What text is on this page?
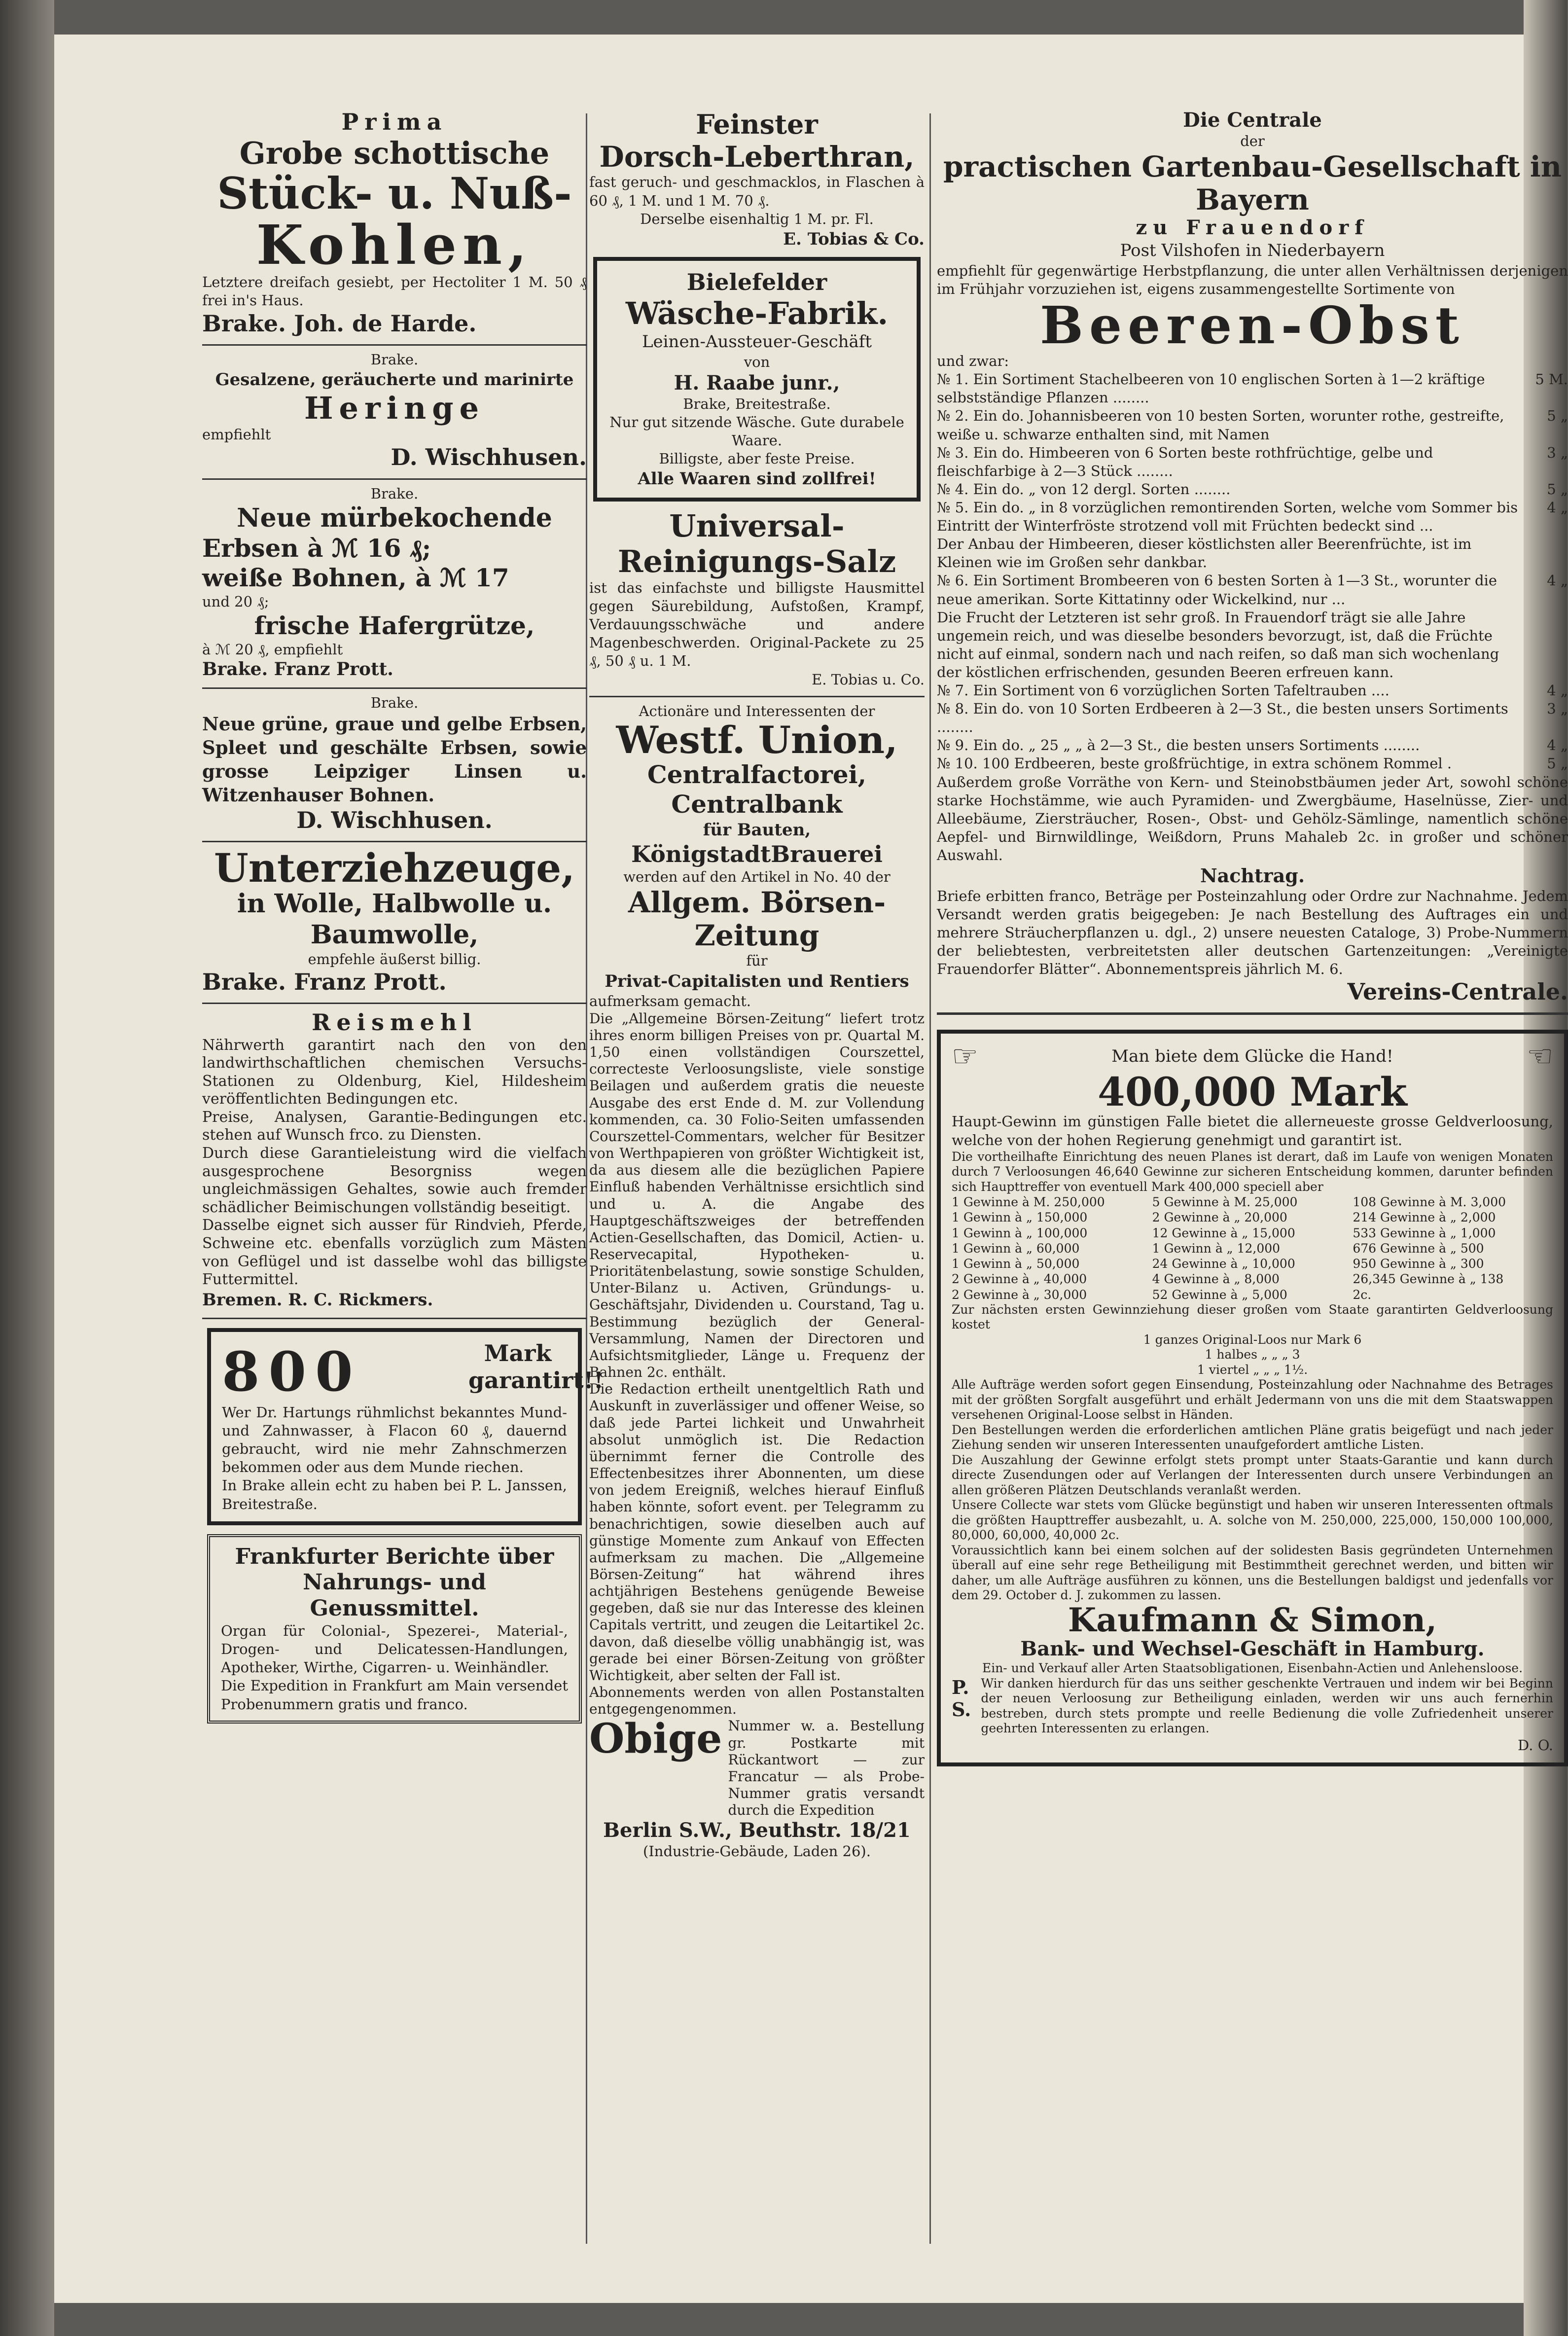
Prima

Grobe schottische

Stück- u. Nuß-

Kohlen,

Letztere dreifach gesiebt, per Hectoliter 1 M. 50 ₰ frei in's Haus.

Brake. Joh. de Harde.

Brake.

Gesalzene, geräucherte und marinirte

Heringe

empfiehlt

D. Wischhusen.

Brake.

Neue mürbekochende

Erbsen à ℳ 16 ₰;

weiße Bohnen, à ℳ 17

und 20 ₰;

frische Hafergrütze,

à ℳ 20 ₰, empfiehlt

Brake. Franz Prott.

Brake.

Neue grüne, graue und gelbe Erbsen, Spleet und geschälte Erbsen, sowie grosse Leipziger Linsen u. Witzenhauser Bohnen.

D. Wischhusen.

Unterziehzeuge,

in Wolle, Halbwolle u. Baumwolle,

empfehle äußerst billig.

Brake. Franz Prott.

Reismehl

Nährwerth garantirt nach den von den landwirthschaftlichen chemischen Versuchs-Stationen zu Oldenburg, Kiel, Hildesheim veröffentlichten Bedingungen etc.

Preise, Analysen, Garantie-Bedingungen etc. stehen auf Wunsch frco. zu Diensten.

Durch diese Garantieleistung wird die vielfach ausgesprochene Besorgniss wegen ungleichmässigen Gehaltes, sowie auch fremder schädlicher Beimischungen vollständig beseitigt.

Dasselbe eignet sich ausser für Rindvieh, Pferde, Schweine etc. ebenfalls vorzüglich zum Mästen von Geflügel und ist dasselbe wohl das billigste Futtermittel.

Bremen. R. C. Rickmers.

800	Mark garantirt!!

Wer Dr. Hartungs rühmlichst bekanntes Mund- und Zahnwasser, à Flacon 60 ₰, dauernd gebraucht, wird nie mehr Zahnschmerzen bekommen oder aus dem Munde riechen.

In Brake allein echt zu haben bei P. L. Janssen, Breitestraße.

Frankfurter Berichte über Nahrungs- und Genussmittel.

Organ für Colonial-, Spezerei-, Material-, Drogen- und Delicatessen-Handlungen, Apotheker, Wirthe, Cigarren- u. Weinhändler.

Die Expedition in Frankfurt am Main versendet Probenummern gratis und franco.

Feinster

Dorsch-Leberthran,

fast geruch- und geschmacklos, in Flaschen à 60 ₰, 1 M. und 1 M. 70 ₰.

Derselbe eisenhaltig 1 M. pr. Fl.

E. Tobias & Co.

Bielefelder

Wäsche-Fabrik.

Leinen-Aussteuer-Geschäft

von

H. Raabe junr.,

Brake, Breitestraße.

Nur gut sitzende Wäsche. Gute durabele Waare.

Billigste, aber feste Preise.

Alle Waaren sind zollfrei!

Universal-

Reinigungs-Salz

ist das einfachste und billigste Hausmittel gegen Säurebildung, Aufstoßen, Krampf, Verdauungsschwäche und andere Magenbeschwerden. Original-Packete zu 25 ₰, 50 ₰ u. 1 M.

E. Tobias u. Co.

Actionäre und Interessenten der

Westf. Union,

Centralfactorei,

Centralbank

für Bauten,

KönigstadtBrauerei

werden auf den Artikel in No. 40 der

Allgem. Börsen-Zeitung

für

Privat-Capitalisten und Rentiers

aufmerksam gemacht.

Die „Allgemeine Börsen-Zeitung“ liefert trotz ihres enorm billigen Preises von pr. Quartal M. 1,50 einen vollständigen Courszettel, correcteste Verloosungsliste, viele sonstige Beilagen und außerdem gratis die neueste Ausgabe des erst Ende d. M. zur Vollendung kommenden, ca. 30 Folio-Seiten umfassenden Courszettel-Commentars, welcher für Besitzer von Werthpapieren von größter Wichtigkeit ist, da aus diesem alle die bezüglichen Papiere Einfluß habenden Verhältnisse ersichtlich sind und u. A. die Angabe des Hauptgeschäftszweiges der betreffenden Actien-Gesellschaften, das Domicil, Actien- u. Reservecapital, Hypotheken- u. Prioritätenbelastung, sowie sonstige Schulden, Unter-Bilanz u. Activen, Gründungs- u. Geschäftsjahr, Dividenden u. Courstand, Tag u. Bestimmung bezüglich der General-Versammlung, Namen der Directoren und Aufsichtsmitglieder, Länge u. Frequenz der Bahnen 2c. enthält.

Die Redaction ertheilt unentgeltlich Rath und Auskunft in zuverlässiger und offener Weise, so daß jede Partei lichkeit und Unwahrheit absolut unmöglich ist. Die Redaction übernimmt ferner die Controlle des Effectenbesitzes ihrer Abonnenten, um diese von jedem Ereigniß, welches hierauf Einfluß haben könnte, sofort event. per Telegramm zu benachrichtigen, sowie dieselben auch auf günstige Momente zum Ankauf von Effecten aufmerksam zu machen. Die „Allgemeine Börsen-Zeitung“ hat während ihres achtjährigen Bestehens genügende Beweise gegeben, daß sie nur das Interesse des kleinen Capitals vertritt, und zeugen die Leitartikel 2c. davon, daß dieselbe völlig unabhängig ist, was gerade bei einer Börsen-Zeitung von größter Wichtigkeit, aber selten der Fall ist.

Abonnements werden von allen Postanstalten entgegengenommen.

Obige Nummer w. a. Bestellung gr. Postkarte mit Rückantwort — zur Francatur — als Probe-Nummer gratis versandt durch die Expedition

Berlin S.W., Beuthstr. 18/21

(Industrie-Gebäude, Laden 26).

Die Centrale

der

practischen Gartenbau-Gesellschaft in Bayern

zu Frauendorf

Post Vilshofen in Niederbayern

empfiehlt für gegenwärtige Herbstpflanzung, die unter allen Verhältnissen derjenigen im Frühjahr vorzuziehen ist, eigens zusammengestellte Sortimente von

Beeren-Obst

und zwar:

№ 1. Ein Sortiment Stachelbeeren von 10 englischen Sorten à 1—2 kräftige selbstständige Pflanzen ........
5 M.
№ 2. Ein do. Johannisbeeren von 10 besten Sorten, worunter rothe, gestreifte, weiße u. schwarze enthalten sind, mit Namen
5 „
№ 3. Ein do. Himbeeren von 6 Sorten beste rothfrüchtige, gelbe und fleischfarbige à 2—3 Stück ........
3 „
№ 4. Ein do. „ von 12 dergl. Sorten ........	5 „
№ 5. Ein do. „ in 8 vorzüglichen remontirenden Sorten, welche vom Sommer bis Eintritt der Winterfröste strotzend voll mit Früchten bedeckt sind ...
4 „
Der Anbau der Himbeeren, dieser köstlichsten aller Beerenfrüchte, ist im Kleinen wie im Großen sehr dankbar.
№ 6. Ein Sortiment Brombeeren von 6 besten Sorten à 1—3 St., worunter die neue amerikan. Sorte Kittatinny oder Wickelkind, nur ...
4 „
Die Frucht der Letzteren ist sehr groß. In Frauendorf trägt sie alle Jahre ungemein reich, und was dieselbe besonders bevorzugt, ist, daß die Früchte nicht auf einmal, sondern nach und nach reifen, so daß man sich wochenlang der köstlichen erfrischenden, gesunden Beeren erfreuen kann.
№ 7. Ein Sortiment von 6 vorzüglichen Sorten Tafeltrauben ....	4 „
№ 8. Ein do. von 10 Sorten Erdbeeren à 2—3 St., die besten unsers Sortiments ........
3 „
№ 9. Ein do. „ 25 „ „ à 2—3 St., die besten unsers Sortiments ........	4 „
№ 10. 100 Erdbeeren, beste großfrüchtige, in extra schönem Rommel .	5 „

Außerdem große Vorräthe von Kern- und Steinobstbäumen jeder Art, sowohl schöne starke Hochstämme, wie auch Pyramiden- und Zwergbäume, Haselnüsse, Zier- und Alleebäume, Ziersträucher, Rosen-, Obst- und Gehölz-Sämlinge, namentlich schöne Aepfel- und Birnwildlinge, Weißdorn, Pruns Mahaleb 2c. in großer und schöner Auswahl.

Nachtrag.

Briefe erbitten franco, Beträge per Posteinzahlung oder Ordre zur Nachnahme. Jedem Versandt werden gratis beigegeben: Je nach Bestellung des Auftrages ein und mehrere Sträucherpflanzen u. dgl., 2) unsere neuesten Cataloge, 3) Probe-Nummern der beliebtesten, verbreitetsten aller deutschen Gartenzeitungen: „Vereinigte Frauendorfer Blätter“. Abonnementspreis jährlich M. 6.

Vereins-Centrale.

☞	Man biete dem Glücke die Hand!	☜

400,000 Mark

Haupt-Gewinn im günstigen Falle bietet die allerneueste grosse Geldverloosung, welche von der hohen Regierung genehmigt und garantirt ist.

Die vortheilhafte Einrichtung des neuen Planes ist derart, daß im Laufe von wenigen Monaten durch 7 Verloosungen 46,640 Gewinne zur sicheren Entscheidung kommen, darunter befinden sich Haupttreffer von eventuell Mark 400,000 speciell aber

1 Gewinne à M. 250,000	5 Gewinne à M. 25,000	108 Gewinne à M. 3,000
1 Gewinn à „ 150,000	2 Gewinne à „ 20,000	214 Gewinne à „ 2,000
1 Gewinn à „ 100,000	12 Gewinne à „ 15,000	533 Gewinne à „ 1,000
1 Gewinn à „ 60,000	1 Gewinn à „ 12,000	676 Gewinne à „ 500
1 Gewinn à „ 50,000	24 Gewinne à „ 10,000	950 Gewinne à „ 300
2 Gewinne à „ 40,000	4 Gewinne à „ 8,000	26,345 Gewinne à „ 138
2 Gewinne à „ 30,000	52 Gewinne à „ 5,000	2c.

Zur nächsten ersten Gewinnziehung dieser großen vom Staate garantirten Geldverloosung kostet

1 ganzes Original-Loos nur Mark 6

1 halbes „ „ „ 3

1 viertel „ „ „ 1½.

Alle Aufträge werden sofort gegen Einsendung, Posteinzahlung oder Nachnahme des Betrages mit der größten Sorgfalt ausgeführt und erhält Jedermann von uns die mit dem Staatswappen versehenen Original-Loose selbst in Händen.

Den Bestellungen werden die erforderlichen amtlichen Pläne gratis beigefügt und nach jeder Ziehung senden wir unseren Interessenten unaufgefordert amtliche Listen.

Die Auszahlung der Gewinne erfolgt stets prompt unter Staats-Garantie und kann durch directe Zusendungen oder auf Verlangen der Interessenten durch unsere Verbindungen an allen größeren Plätzen Deutschlands veranlaßt werden.

Unsere Collecte war stets vom Glücke begünstigt und haben wir unseren Interessenten oftmals die größten Haupttreffer ausbezahlt, u. A. solche von M. 250,000, 225,000, 150,000 100,000, 80,000, 60,000, 40,000 2c.

Voraussichtlich kann bei einem solchen auf der solidesten Basis gegründeten Unternehmen überall auf eine sehr rege Betheiligung mit Bestimmtheit gerechnet werden, und bitten wir daher, um alle Aufträge ausführen zu können, uns die Bestellungen baldigst und jedenfalls vor dem 29. October d. J. zukommen zu lassen.

Kaufmann & Simon,

Bank- und Wechsel-Geschäft in Hamburg.

Ein- und Verkauf aller Arten Staatsobligationen, Eisenbahn-Actien und Anlehensloose.

P. S.

Wir danken hierdurch für das uns seither geschenkte Vertrauen und indem wir bei Beginn der neuen Verloosung zur Betheiligung einladen, werden wir uns auch fernerhin bestreben, durch stets prompte und reelle Bedienung die volle Zufriedenheit unserer geehrten Interessenten zu erlangen.

D. O.
